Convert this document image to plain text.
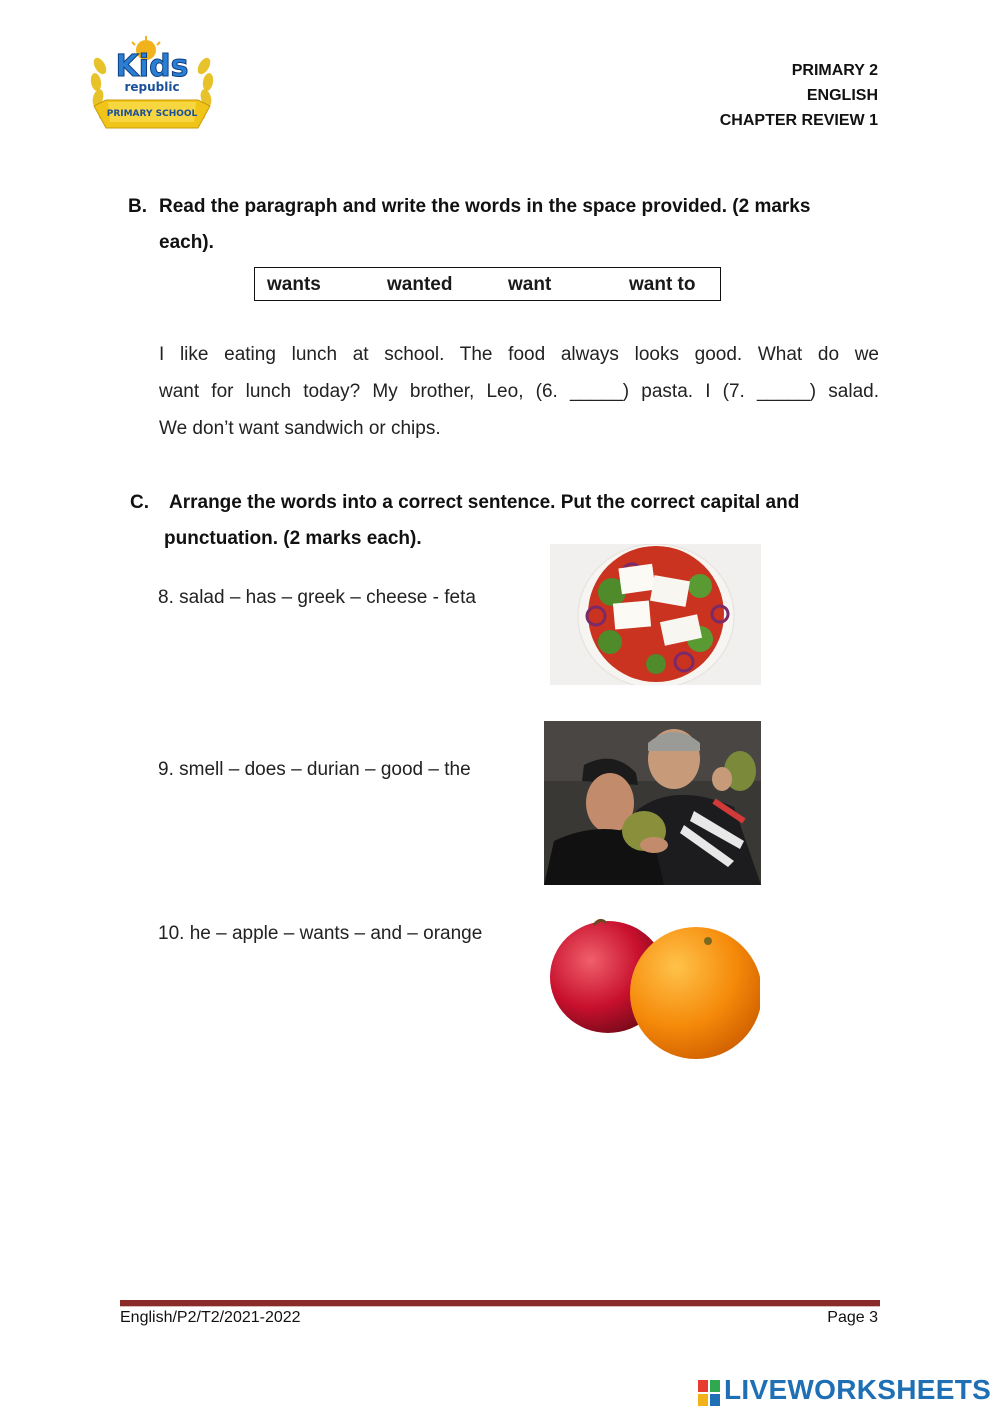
Kids
republic
PRIMARY SCHOOL
PRIMARY 2
ENGLISH
CHAPTER REVIEW 1
B. Read the paragraph and write the words in the space provided. (2 marks
each).
wants	wanted	want	want to
I like eating lunch at school. The food always looks good. What do we
want for lunch today? My brother, Leo, (6. _____) pasta. I (7. _____) salad.
We don’t want sandwich or chips.
C. Arrange the words into a correct sentence. Put the correct capital and
punctuation. (2 marks each).
8. salad – has – greek – cheese - feta
9. smell – does – durian – good – the
10. he – apple – wants – and – orange
English/P2/T2/2021-2022	Page 3
LIVEWORKSHEETS
